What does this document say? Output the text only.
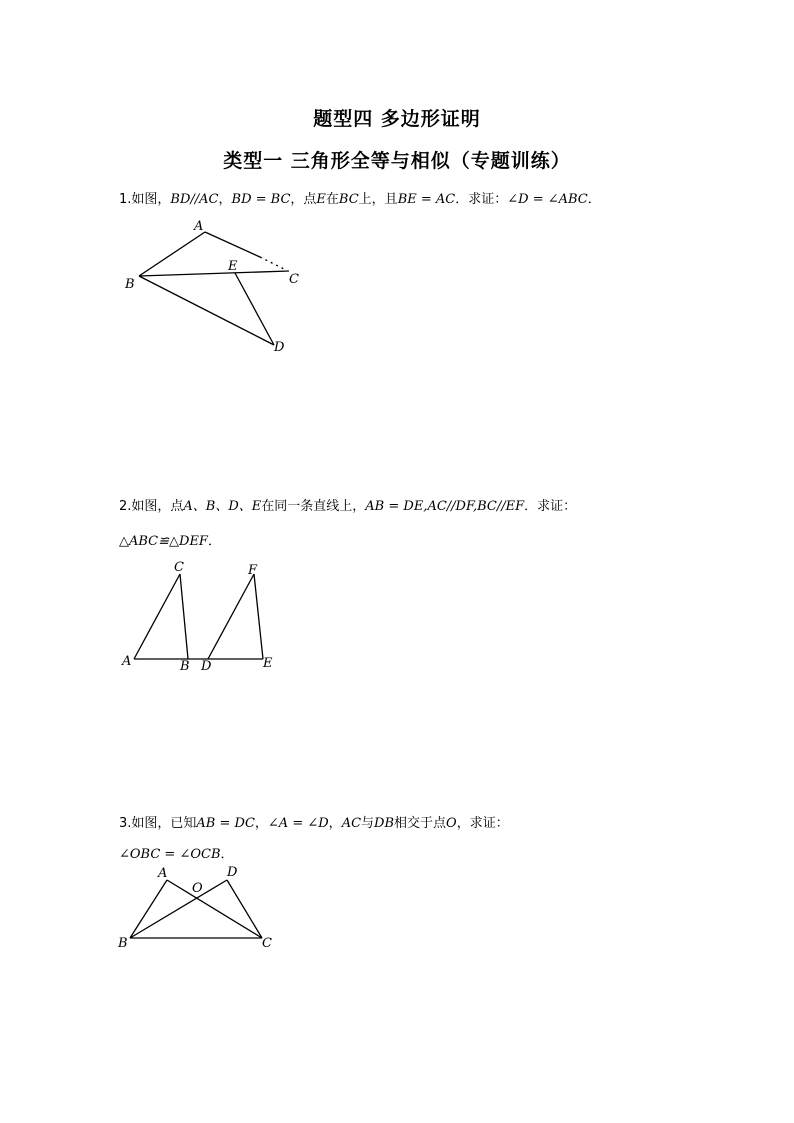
题型四 多边形证明
类型一 三角形全等与相似（专题训练）
1.如图，BD//AC，BD = BC，点E在BC上，且BE = AC．求证：∠D = ∠ABC．
A
B
E
C
D
2.如图，点A、B、D、E在同一条直线上，AB = DE,AC//DF,BC//EF．求证：
△ABC≌△DEF．
C	F
A	B D	E
3.如图，已知AB = DC，∠A = ∠D，AC与DB相交于点O，求证：
∠OBC = ∠OCB．
A	D
O
B	C
